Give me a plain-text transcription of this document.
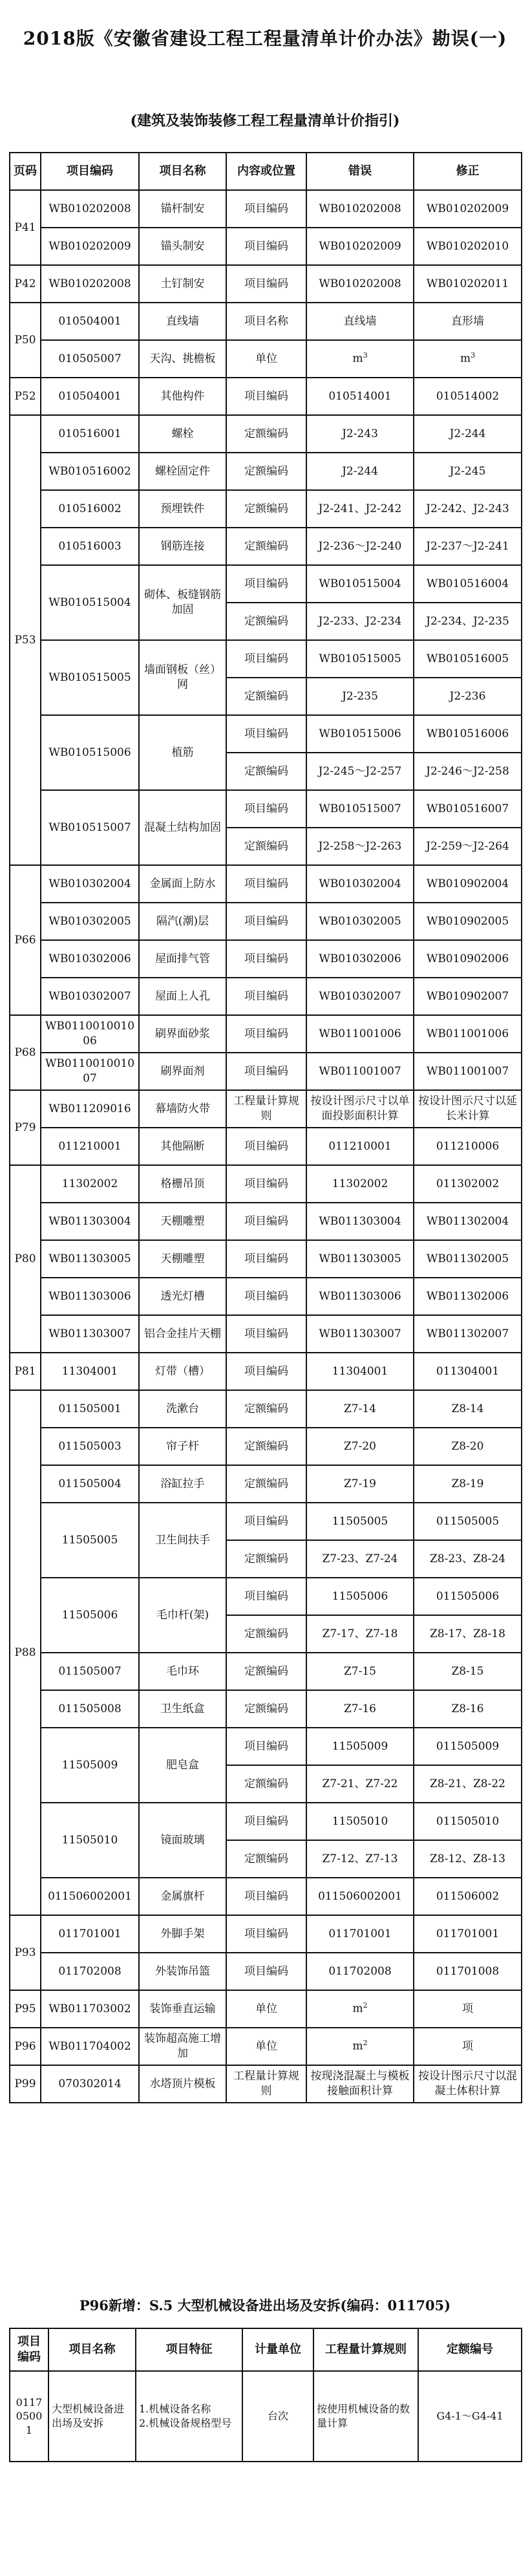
2018版《安徽省建设工程工程量清单计价办法》勘误(一)
(建筑及装饰装修工程工程量清单计价指引)
页码	项目编码	项目名称	内容或位置	错误	修正
P41	WB010202008	锚杆制安	项目编码	WB010202008	WB010202009
	WB010202009	锚头制安	项目编码	WB010202009	WB010202010
P42	WB010202008	土钉制安	项目编码	WB010202008	WB010202011
P50	010504001	直线墙	项目名称	直线墙	直形墙
	010505007	天沟、挑檐板	单位	$m^3$	$m^3$
P52	010504001	其他构件	项目编码	010514001	010514002
P53	010516001	螺栓	定额编码	J2-243	J2-244
	WB010516002	螺栓固定件	定额编码	J2-244	J2-245
	010516002	预埋铁件	定额编码	J2-241、J2-242	J2-242、J2-243
	010516003	钢筋连接	定额编码	J2-236～J2-240	J2-237～J2-241
	WB010515004	砌体、板缝钢筋加固	项目编码	WB010515004	WB010516004
			定额编码	J2-233、J2-234	J2-234、J2-235
	WB010515005	墙面钢板（丝）网	项目编码	WB010515005	WB010516005
			定额编码	J2-235	J2-236
	WB010515006	植筋	项目编码	WB010515006	WB010516006
			定额编码	J2-245～J2-257	J2-246～J2-258
	WB010515007	混凝土结构加固	项目编码	WB010515007	WB010516007
			定额编码	J2-258～J2-263	J2-259～J2-264
P66	WB010302004	金属面上防水	项目编码	WB010302004	WB010902004
	WB010302005	隔汽(潮)层	项目编码	WB010302005	WB010902005
	WB010302006	屋面排气管	项目编码	WB010302006	WB010902006
	WB010302007	屋面上人孔	项目编码	WB010302007	WB010902007
P68	WB011001001006	刷界面砂浆	项目编码	WB011001006	WB011001006
	WB011001001007	刷界面剂	项目编码	WB011001007	WB011001007
P79	WB011209016	幕墙防火带	工程量计算规则	按设计图示尺寸以单面投影面积计算	按设计图示尺寸以延长米计算
	011210001	其他隔断	项目编码	011210001	011210006
P80	11302002	格栅吊顶	项目编码	11302002	011302002
	WB011303004	天棚雕塑	项目编码	WB011303004	WB011302004
	WB011303005	天棚雕塑	项目编码	WB011303005	WB011302005
	WB011303006	透光灯槽	项目编码	WB011303006	WB011302006
	WB011303007	铝合金挂片天棚	项目编码	WB011303007	WB011302007
P81	11304001	灯带（槽）	项目编码	11304001	011304001
P88	011505001	洗漱台	定额编码	Z7-14	Z8-14
	011505003	帘子杆	定额编码	Z7-20	Z8-20
	011505004	浴缸拉手	定额编码	Z7-19	Z8-19
	11505005	卫生间扶手	项目编码	11505005	011505005
			定额编码	Z7-23、Z7-24	Z8-23、Z8-24
	11505006	毛巾杆(架)	项目编码	11505006	011505006
			定额编码	Z7-17、Z7-18	Z8-17、Z8-18
	011505007	毛巾环	定额编码	Z7-15	Z8-15
	011505008	卫生纸盒	定额编码	Z7-16	Z8-16
	11505009	肥皂盒	项目编码	11505009	011505009
			定额编码	Z7-21、Z7-22	Z8-21、Z8-22
	11505010	镜面玻璃	项目编码	11505010	011505010
			定额编码	Z7-12、Z7-13	Z8-12、Z8-13
	011506002001	金属旗杆	项目编码	011506002001	011506002
P93	011701001	外脚手架	项目编码	011701001	011701001
	011702008	外装饰吊篮	项目编码	011702008	011701008
P95	WB011703002	装饰垂直运输	单位	$m^2$	项
P96	WB011704002	装饰超高施工增加	单位	$m^2$	项
P99	070302014	水塔顶片模板	工程量计算规则	按现浇混凝土与模板接触面积计算	按设计图示尺寸以混凝土体积计算
P96新增：S.5 大型机械设备进出场及安拆(编码：011705)
项目编码	项目名称	项目特征	计量单位	工程量计算规则	定额编号
011705001	大型机械设备进出场及安拆	1.机械设备名称
2.机械设备规格型号	台次	按使用机械设备的数量计算	G4-1～G4-41
